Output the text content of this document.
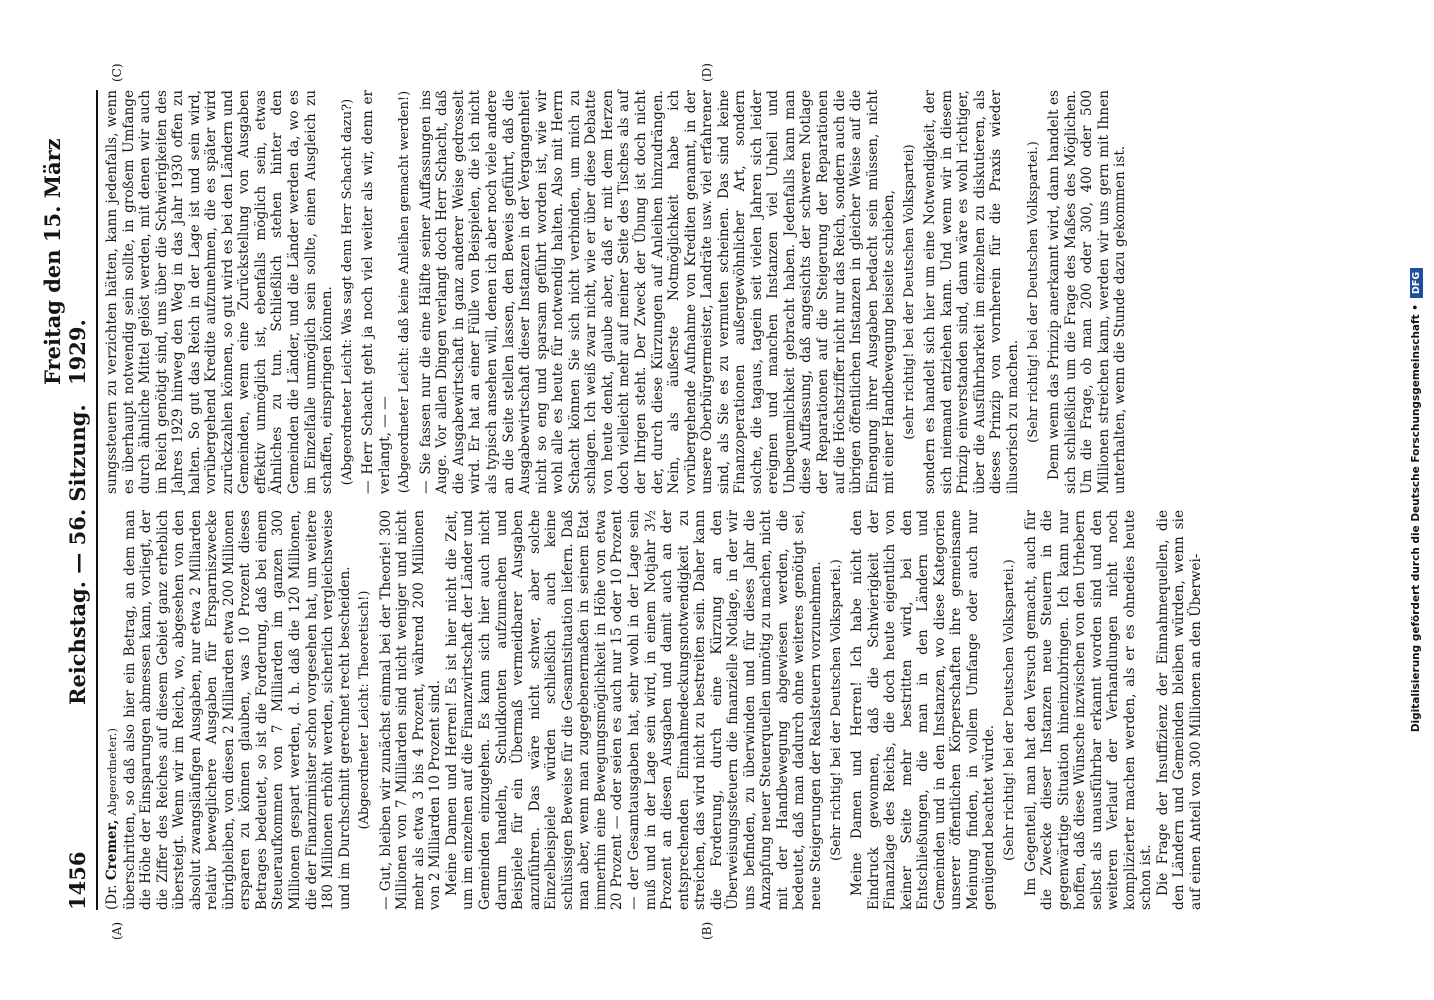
1456
Reichstag. — 56. Sitzung.
Freitag den 15. März 1929.
(A)	(B)
(C)	(D)

(Dr. Cremer, Abgeordneter.) überschritten, so daß also hier ein Betrag, an dem man die Höhe der Einsparungen abmessen kann, vorliegt, der die Ziffer des Reiches auf diesem Gebiet ganz erheblich übersteigt. Wenn wir im Reich, wo, abgesehen von den absolut zwangsläufigen Ausgaben, nur etwa 2 Milliarden relativ beweglichere Ausgaben für Ersparniszwecke übrigbleiben, von diesen 2 Milliarden etwa 200 Millionen ersparen zu können glauben, was 10 Prozent dieses Betrages bedeutet, so ist die Forderung, daß bei einem Steueraufkommen von 7 Milliarden im ganzen 300 Millionen gespart werden, d. h. daß die 120 Millionen, die der Finanzminister schon vorgesehen hat, um weitere 180 Millionen erhöht werden, sicherlich vergleichsweise und im Durchschnitt gerechnet recht bescheiden. (Abgeordneter Leicht: Theoretisch!) — Gut, bleiben wir zunächst einmal bei der Theorie! 300 Millionen von 7 Milliarden sind nicht weniger und nicht mehr als etwa 3 bis 4 Prozent, während 200 Millionen von 2 Milliarden 10 Prozent sind. Meine Damen und Herren! Es ist hier nicht die Zeit, um im einzelnen auf die Finanzwirtschaft der Länder und Gemeinden einzugehen. Es kann sich hier auch nicht darum handeln, Schuldkonten aufzumachen und Beispiele für ein Übermaß vermeidbarer Ausgaben anzuführen. Das wäre nicht schwer, aber solche Einzelbeispiele würden schließlich auch keine schlüssigen Beweise für die Gesamtsituation liefern. Daß man aber, wenn man zugegebenermaßen in seinem Etat immerhin eine Bewegungsmöglichkeit in Höhe von etwa 20 Prozent — oder seien es auch nur 15 oder 10 Prozent — der Gesamtausgaben hat, sehr wohl in der Lage sein muß und in der Lage sein wird, in einem Notjahr 3½ Prozent an diesen Ausgaben und damit auch an der entsprechenden Einnahmedeckungsnotwendigkeit zu streichen, das wird nicht zu bestreiten sein. Daher kann die Forderung, durch eine Kürzung an den Überweisungssteuern die finanzielle Notlage, in der wir uns befinden, zu überwinden und für dieses Jahr die Anzapfung neuer Steuerquellen unnötig zu machen, nicht mit der Handbewegung abgewiesen werden, die bedeutet, daß man dadurch ohne weiteres genötigt sei, neue Steigerungen der Realsteuern vorzunehmen. (Sehr richtig! bei der Deutschen Volkspartei.) Meine Damen und Herren! Ich habe nicht den Eindruck gewonnen, daß die Schwierigkeit der Finanzlage des Reichs, die doch heute eigentlich von keiner Seite mehr bestritten wird, bei den Entschließungen, die man in den Ländern und Gemeinden und in den Instanzen, wo diese Kategorien unserer öffentlichen Körperschaften ihre gemeinsame Meinung finden, in vollem Umfange oder auch nur genügend beachtet würde. (Sehr richtig! bei der Deutschen Volkspartei.) Im Gegenteil, man hat den Versuch gemacht, auch für die Zwecke dieser Instanzen neue Steuern in die gegenwärtige Situation hineinzubringen. Ich kann nur hoffen, daß diese Wünsche inzwischen von den Urhebern selbst als unausführbar erkannt worden sind und den weiteren Verlauf der Verhandlungen nicht noch komplizierter machen werden, als er es ohnedies heute schon ist. Die Frage der Insuffizienz der Einnahmequellen, die den Ländern und Gemeinden bleiben würden, wenn sie auf einen Anteil von 300 Millionen an den Überwei-

sungssteuern zu verzichten hätten, kann jedenfalls, wenn es überhaupt notwendig sein sollte, in großem Umfange durch ähnliche Mittel gelöst werden, mit denen wir auch im Reich genötigt sind, uns über die Schwierigkeiten des Jahres 1929 hinweg den Weg in das Jahr 1930 offen zu halten. So gut das Reich in der Lage ist und sein wird, vorübergehend Kredite aufzunehmen, die es später wird zurückzahlen können, so gut wird es bei den Ländern und Gemeinden, wenn eine Zurückstellung von Ausgaben effektiv unmöglich ist, ebenfalls möglich sein, etwas Ähnliches zu tun. Schließlich stehen hinter den Gemeinden die Länder, und die Länder werden da, wo es im Einzelfalle unmöglich sein sollte, einen Ausgleich zu schaffen, einspringen können. (Abgeordneter Leicht: Was sagt denn Herr Schacht dazu?) — Herr Schacht geht ja noch viel weiter als wir, denn er verlangt, — — (Abgeordneter Leicht: daß keine Anleihen gemacht werden!) — Sie fassen nur die eine Hälfte seiner Auffassungen ins Auge. Vor allen Dingen verlangt doch Herr Schacht, daß die Ausgabewirtschaft in ganz anderer Weise gedrosselt wird. Er hat an einer Fülle von Beispielen, die ich nicht als typisch ansehen will, denen ich aber noch viele andere an die Seite stellen lassen, den Beweis geführt, daß die Ausgabewirtschaft dieser Instanzen in der Vergangenheit nicht so eng und sparsam geführt worden ist, wie wir wohl alle es heute für notwendig halten. Also mit Herrn Schacht können Sie sich nicht verbinden, um mich zu schlagen. Ich weiß zwar nicht, wie er über diese Debatte von heute denkt, glaube aber, daß er mit dem Herzen doch vielleicht mehr auf meiner Seite des Tisches als auf der Ihrigen steht. Der Zweck der Übung ist doch nicht der, durch diese Kürzungen auf Anleihen hinzudrängen. Nein, als äußerste Notmöglichkeit habe ich vorübergehende Aufnahme von Krediten genannt, in der unsere Oberbürgermeister, Landräte usw. viel erfahrener sind, als Sie es zu vermuten scheinen. Das sind keine Finanzoperationen außergewöhnlicher Art, sondern solche, die tagaus, tagein seit vielen Jahren sich leider ereignen und manchen Instanzen viel Unheil und Unbequemlichkeit gebracht haben. Jedenfalls kann man diese Auffassung, daß angesichts der schweren Notlage der Reparationen auf die Steigerung der Reparationen auf die Höchstziffer nicht nur das Reich, sondern auch die übrigen öffentlichen Instanzen in gleicher Weise auf die Einengung ihrer Ausgaben bedacht sein müssen, nicht mit einer Handbewegung beiseite schieben, (sehr richtig! bei der Deutschen Volkspartei) sondern es handelt sich hier um eine Notwendigkeit, der sich niemand entziehen kann. Und wenn wir in diesem Prinzip einverstanden sind, dann wäre es wohl richtiger, über die Ausführbarkeit im einzelnen zu diskutieren, als dieses Prinzip von vornherein für die Praxis wieder illusorisch zu machen. (Sehr richtig! bei der Deutschen Volkspartei.) Denn wenn das Prinzip anerkannt wird, dann handelt es sich schließlich um die Frage des Maßes des Möglichen. Um die Frage, ob man 200 oder 300, 400 oder 500 Millionen streichen kann, werden wir uns gern mit Ihnen unterhalten, wenn die Stunde dazu gekommen ist.	Digitalisierung gefördert durch die Deutsche Forschungsgemeinschaft •DFG
